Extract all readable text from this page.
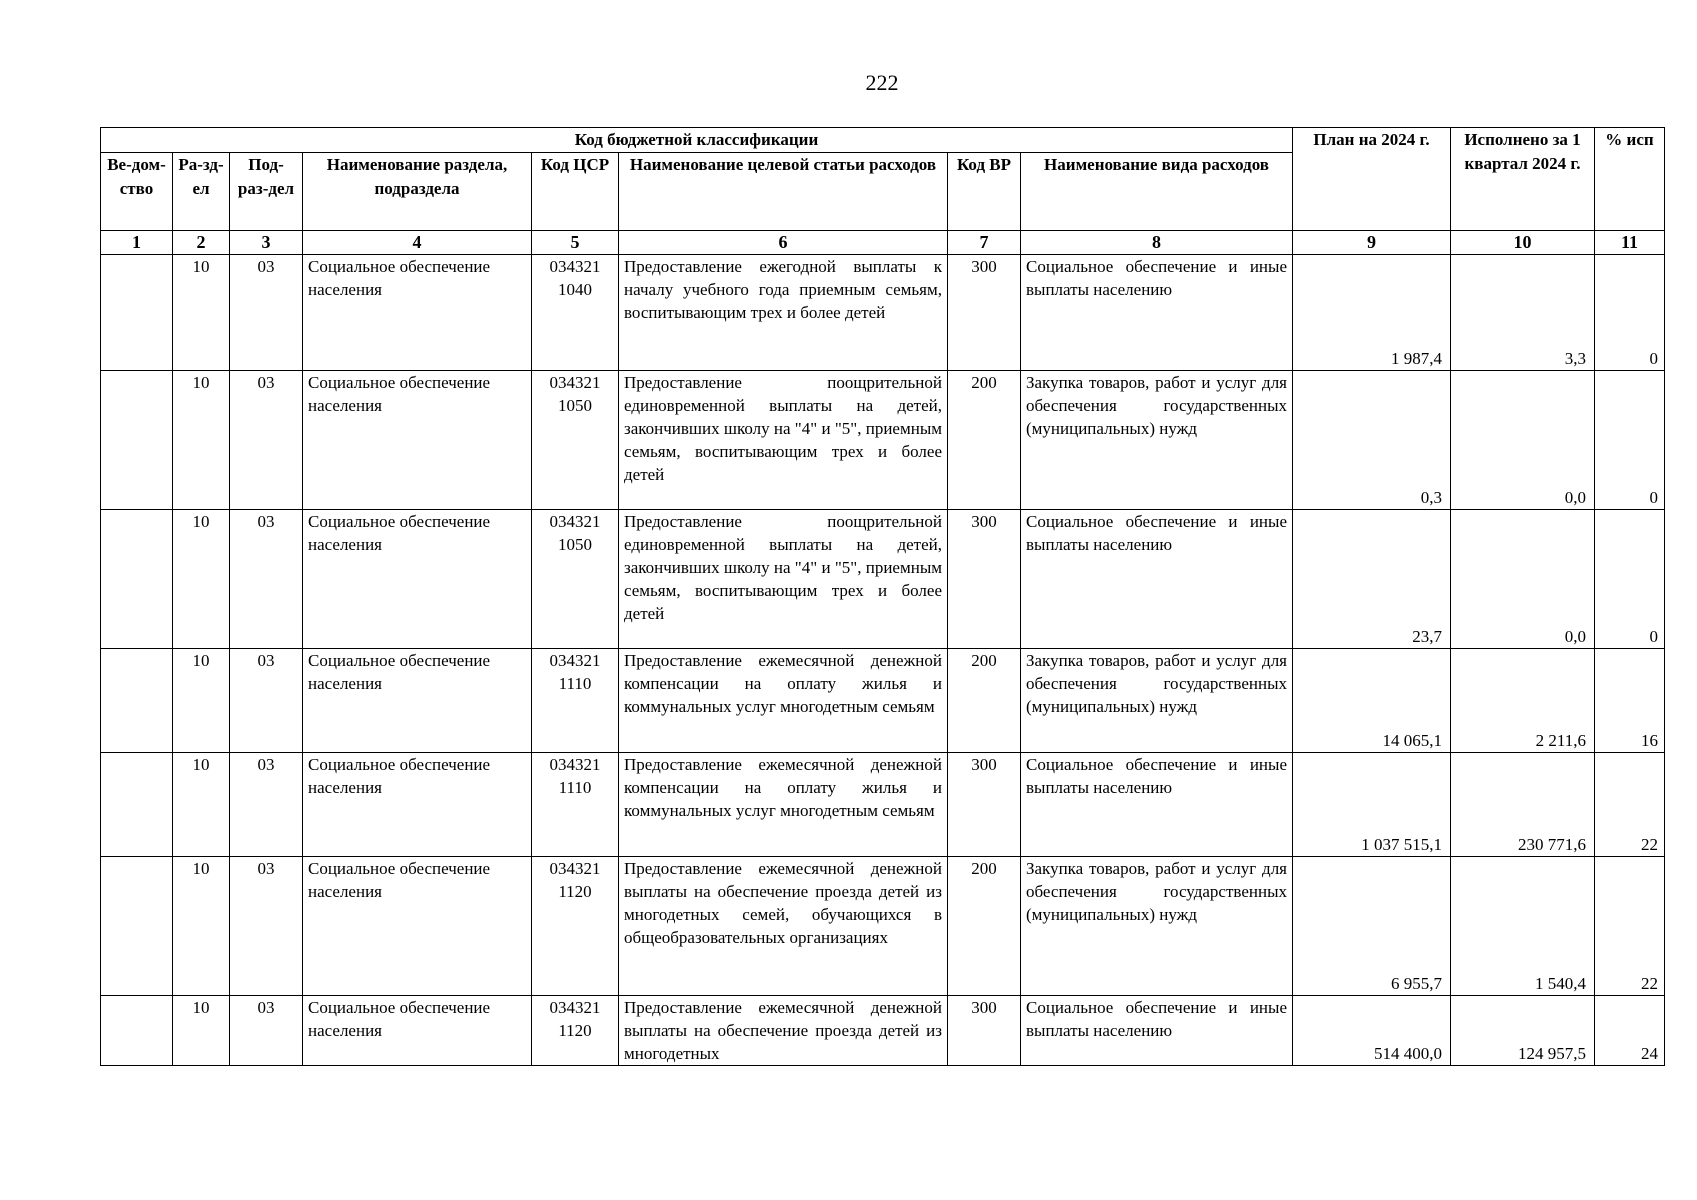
222
Код бюджетной классификации								План на 2024 г.	Исполнено за 1 квартал 2024 г.	% исп
Ве-дом-ство	Ра-зд-ел	Под-раз-дел	Наименование раздела, подраздела	Код ЦСР	Наименование целевой статьи расходов	Код ВР	Наименование вида расходов			
1	2	3	4	5	6	7	8	9	10	11
	10	03	Социальное обеспечение населения	034321 1040	Предоставление ежегодной выплаты к началу учебного года приемным семьям, воспитывающим трех и более детей	300	Социальное обеспечение и иные выплаты населению	1 987,4	3,3	0
	10	03	Социальное обеспечение населения	034321 1050	Предоставление поощрительной единовременной выплаты на детей, закончивших школу на "4" и "5", приемным семьям, воспитывающим трех и более детей	200	Закупка товаров, работ и услуг для обеспечения государственных (муниципальных) нужд	0,3	0,0	0
	10	03	Социальное обеспечение населения	034321 1050	Предоставление поощрительной единовременной выплаты на детей, закончивших школу на "4" и "5", приемным семьям, воспитывающим трех и более детей	300	Социальное обеспечение и иные выплаты населению	23,7	0,0	0
	10	03	Социальное обеспечение населения	034321 1110	Предоставление ежемесячной денежной компенсации на оплату жилья и коммунальных услуг многодетным семьям	200	Закупка товаров, работ и услуг для обеспечения государственных (муниципальных) нужд	14 065,1	2 211,6	16
	10	03	Социальное обеспечение населения	034321 1110	Предоставление ежемесячной денежной компенсации на оплату жилья и коммунальных услуг многодетным семьям	300	Социальное обеспечение и иные выплаты населению	1 037 515,1	230 771,6	22
	10	03	Социальное обеспечение населения	034321 1120	Предоставление ежемесячной денежной выплаты на обеспечение проезда детей из многодетных семей, обучающихся в общеобразовательных организациях	200	Закупка товаров, работ и услуг для обеспечения государственных (муниципальных) нужд	6 955,7	1 540,4	22
	10	03	Социальное обеспечение населения	034321 1120	Предоставление ежемесячной денежной выплаты на обеспечение проезда детей из многодетных	300	Социальное обеспечение и иные выплаты населению	514 400,0	124 957,5	24
